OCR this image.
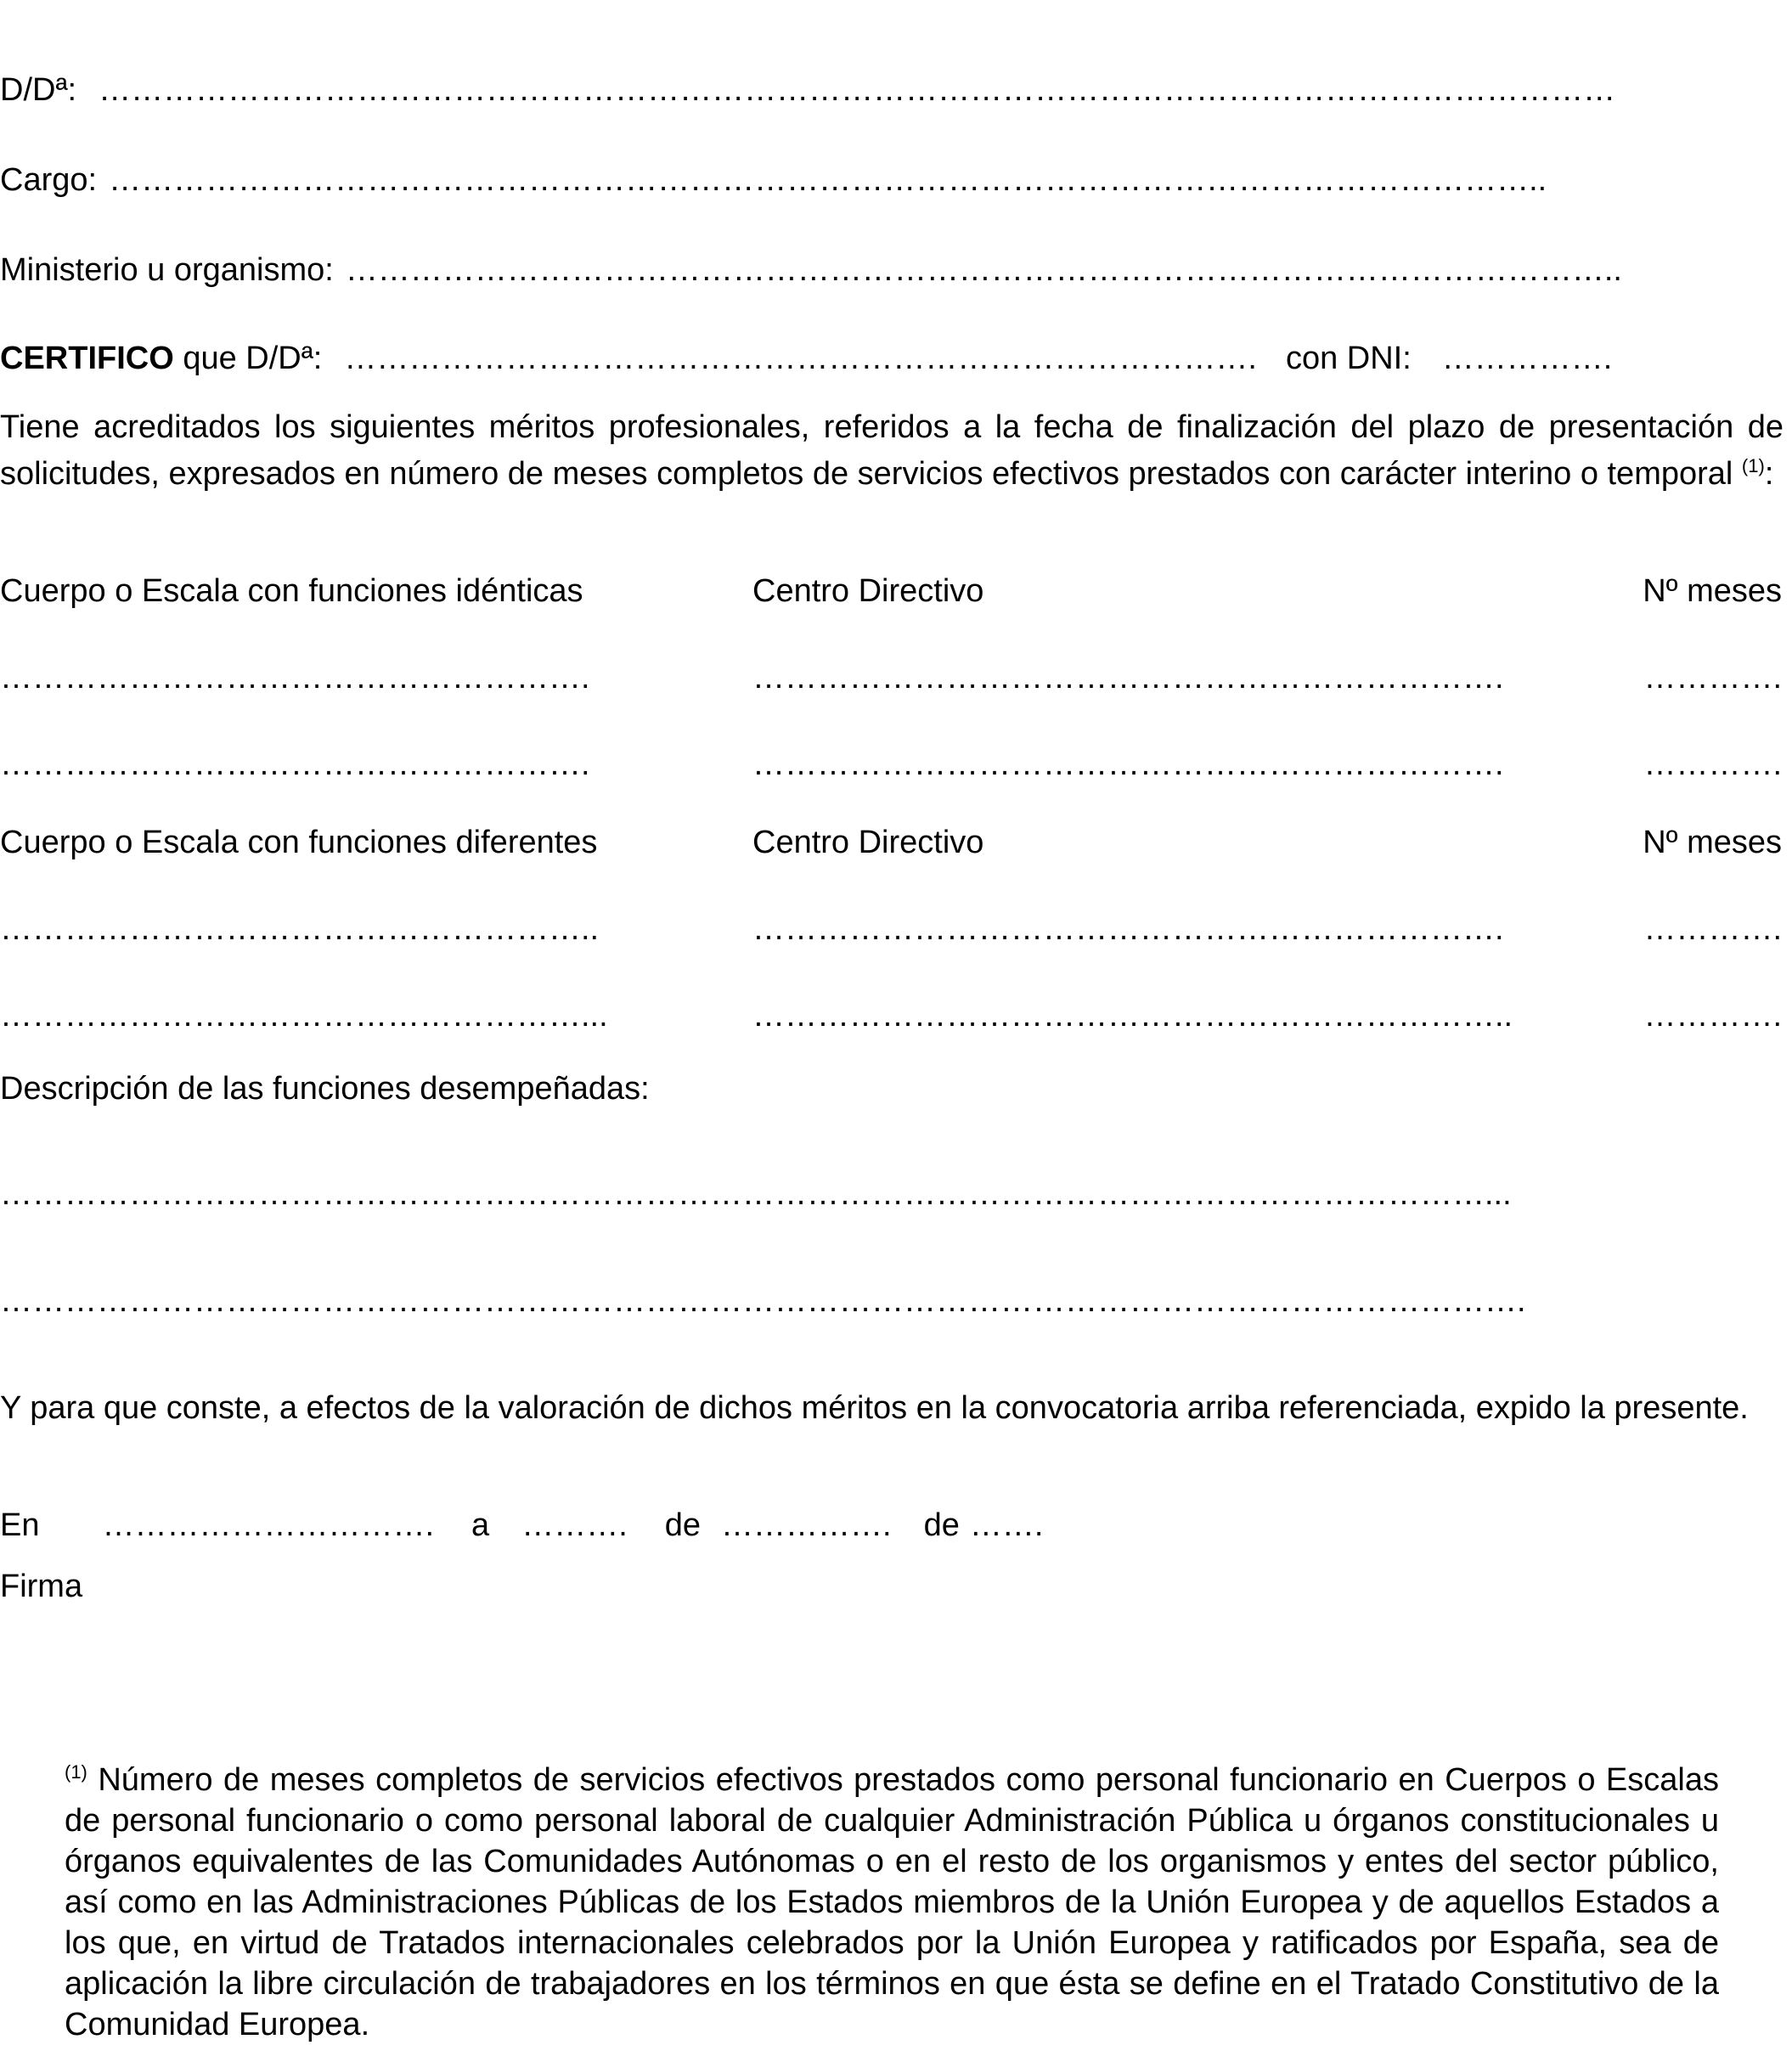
D/Dª: ……………………………………………………………………………………………………………………………
Cargo: ……………………………………………………………………………………………………………………..
Ministerio u organismo: ………………………………………………………………………………………………………..
CERTIFICO que D/Dª: …………………………………………………………………………. con DNI: …………….
Tiene acreditados los siguientes méritos profesionales, referidos a la fecha de finalización del plazo de presentación de solicitudes, expresados en número de meses completos de servicios efectivos prestados con carácter interino o temporal $^{(1)}$:
Cuerpo o Escala con funciones idénticas	Centro Directivo	Nº meses
……………………………………………….	…………………………………………………………….	………….
……………………………………………….	…………………………………………………………….	………….
Cuerpo o Escala con funciones diferentes	Centro Directivo	Nº meses
………………………………………………..	…………………………………………………………….	………….
………………………………………………...	……………………………………………………………..	………….
Descripción de las funciones desempeñadas:
…………………………………………………………………………………………………………………………...
…………………………………………………………………………………………………………………………….
Y para que conste, a efectos de la valoración de dichos méritos en la convocatoria arriba referenciada, expido la presente.
En …………………………. a ………. de ……………. de …….
Firma
$^{(1)}$ Número de meses completos de servicios efectivos prestados como personal funcionario en Cuerpos o Escalas de personal funcionario o como personal laboral de cualquier Administración Pública u órganos constitucionales u órganos equivalentes de las Comunidades Autónomas o en el resto de los organismos y entes del sector público, así como en las Administraciones Públicas de los Estados miembros de la Unión Europea y de aquellos Estados a los que, en virtud de Tratados internacionales celebrados por la Unión Europea y ratificados por España, sea de aplicación la libre circulación de trabajadores en los términos en que ésta se define en el Tratado Constitutivo de la Comunidad Europea.
